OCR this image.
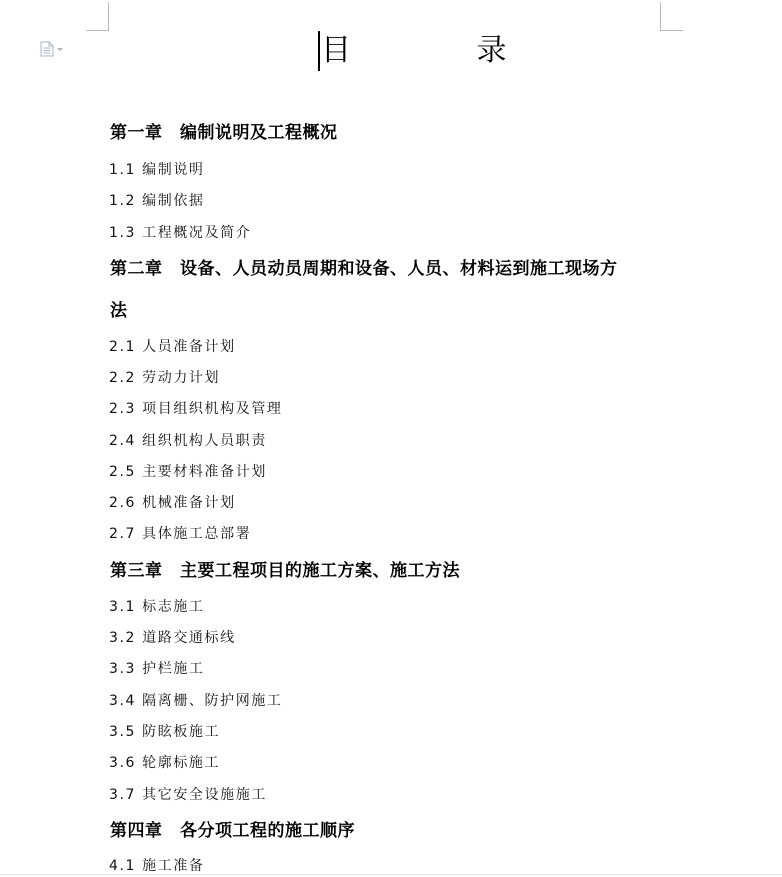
目 录
第一章　编制说明及工程概况
1.1 编制说明
1.2 编制依据
1.3 工程概况及简介
第二章　设备、人员动员周期和设备、人员、材料运到施工现场方
法
2.1 人员准备计划
2.2 劳动力计划
2.3 项目组织机构及管理
2.4 组织机构人员职责
2.5 主要材料准备计划
2.6 机械准备计划
2.7 具体施工总部署
第三章　主要工程项目的施工方案、施工方法
3.1 标志施工
3.2 道路交通标线
3.3 护栏施工
3.4 隔离栅、防护网施工
3.5 防眩板施工
3.6 轮廓标施工
3.7 其它安全设施施工
第四章　各分项工程的施工顺序
4.1 施工准备
